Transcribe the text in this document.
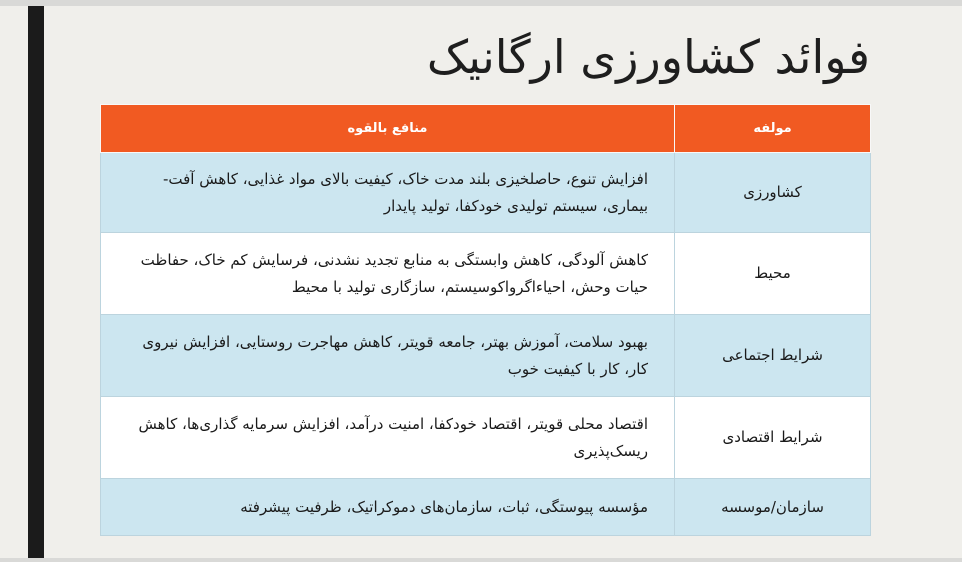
فوائد کشاورزی ارگانیک
مولفه	منافع بالقوه
کشاورزی	افزایش تنوع، حاصلخیزی بلند مدت خاک، کیفیت بالای مواد غذایی، کاهش آفت- بیماری، سیستم تولیدی خودکفا، تولید پایدار
محیط	کاهش آلودگی، کاهش وابستگی به منابع تجدید نشدنی، فرسایش کم خاک، حفاظت حیات وحش، احیاءاگرواکوسیستم، سازگاری تولید با محیط
شرایط اجتماعی	بهبود سلامت، آموزش بهتر، جامعه قویتر، کاهش مهاجرت روستایی، افزایش نیروی کار، کار با کیفیت خوب
شرایط اقتصادی	اقتصاد محلی قویتر، اقتصاد خودکفا، امنیت درآمد، افزایش سرمایه گذاری‌ها، کاهش ریسک‌پذیری
سازمان/موسسه	مؤسسه پیوستگی، ثبات، سازمان‌های دموکراتیک، ظرفیت پیشرفته
